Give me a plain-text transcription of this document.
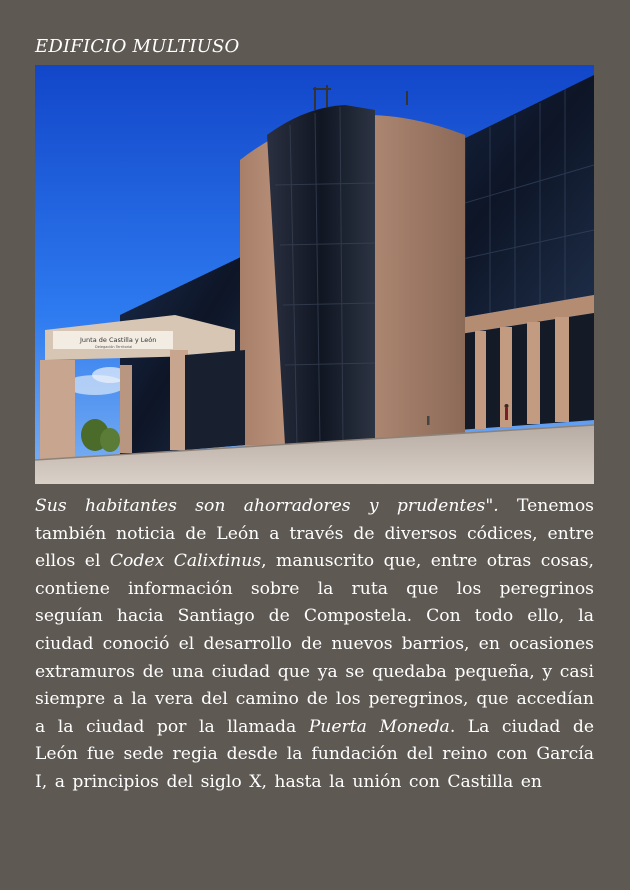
EDIFICIO MULTIUSO
Junta de Castilla y León
Delegación Territorial
Sus habitantes son ahorradores y prudentes". Tenemos también noticia de León a través de diversos códices, entre ellos el Codex Calixtinus, manuscrito que, entre otras cosas, contiene información sobre la ruta que los peregrinos seguían hacia Santiago de Compostela. Con todo ello, la ciudad conoció el desarrollo de nuevos barrios, en ocasiones extramuros de una ciudad que ya se quedaba pequeña, y casi siempre a la vera del camino de los peregrinos, que accedían a la ciudad por la llamada Puerta Moneda. La ciudad de León fue sede regia desde la fundación del reino con García I, a principios del siglo X, hasta la unión con Castilla en
